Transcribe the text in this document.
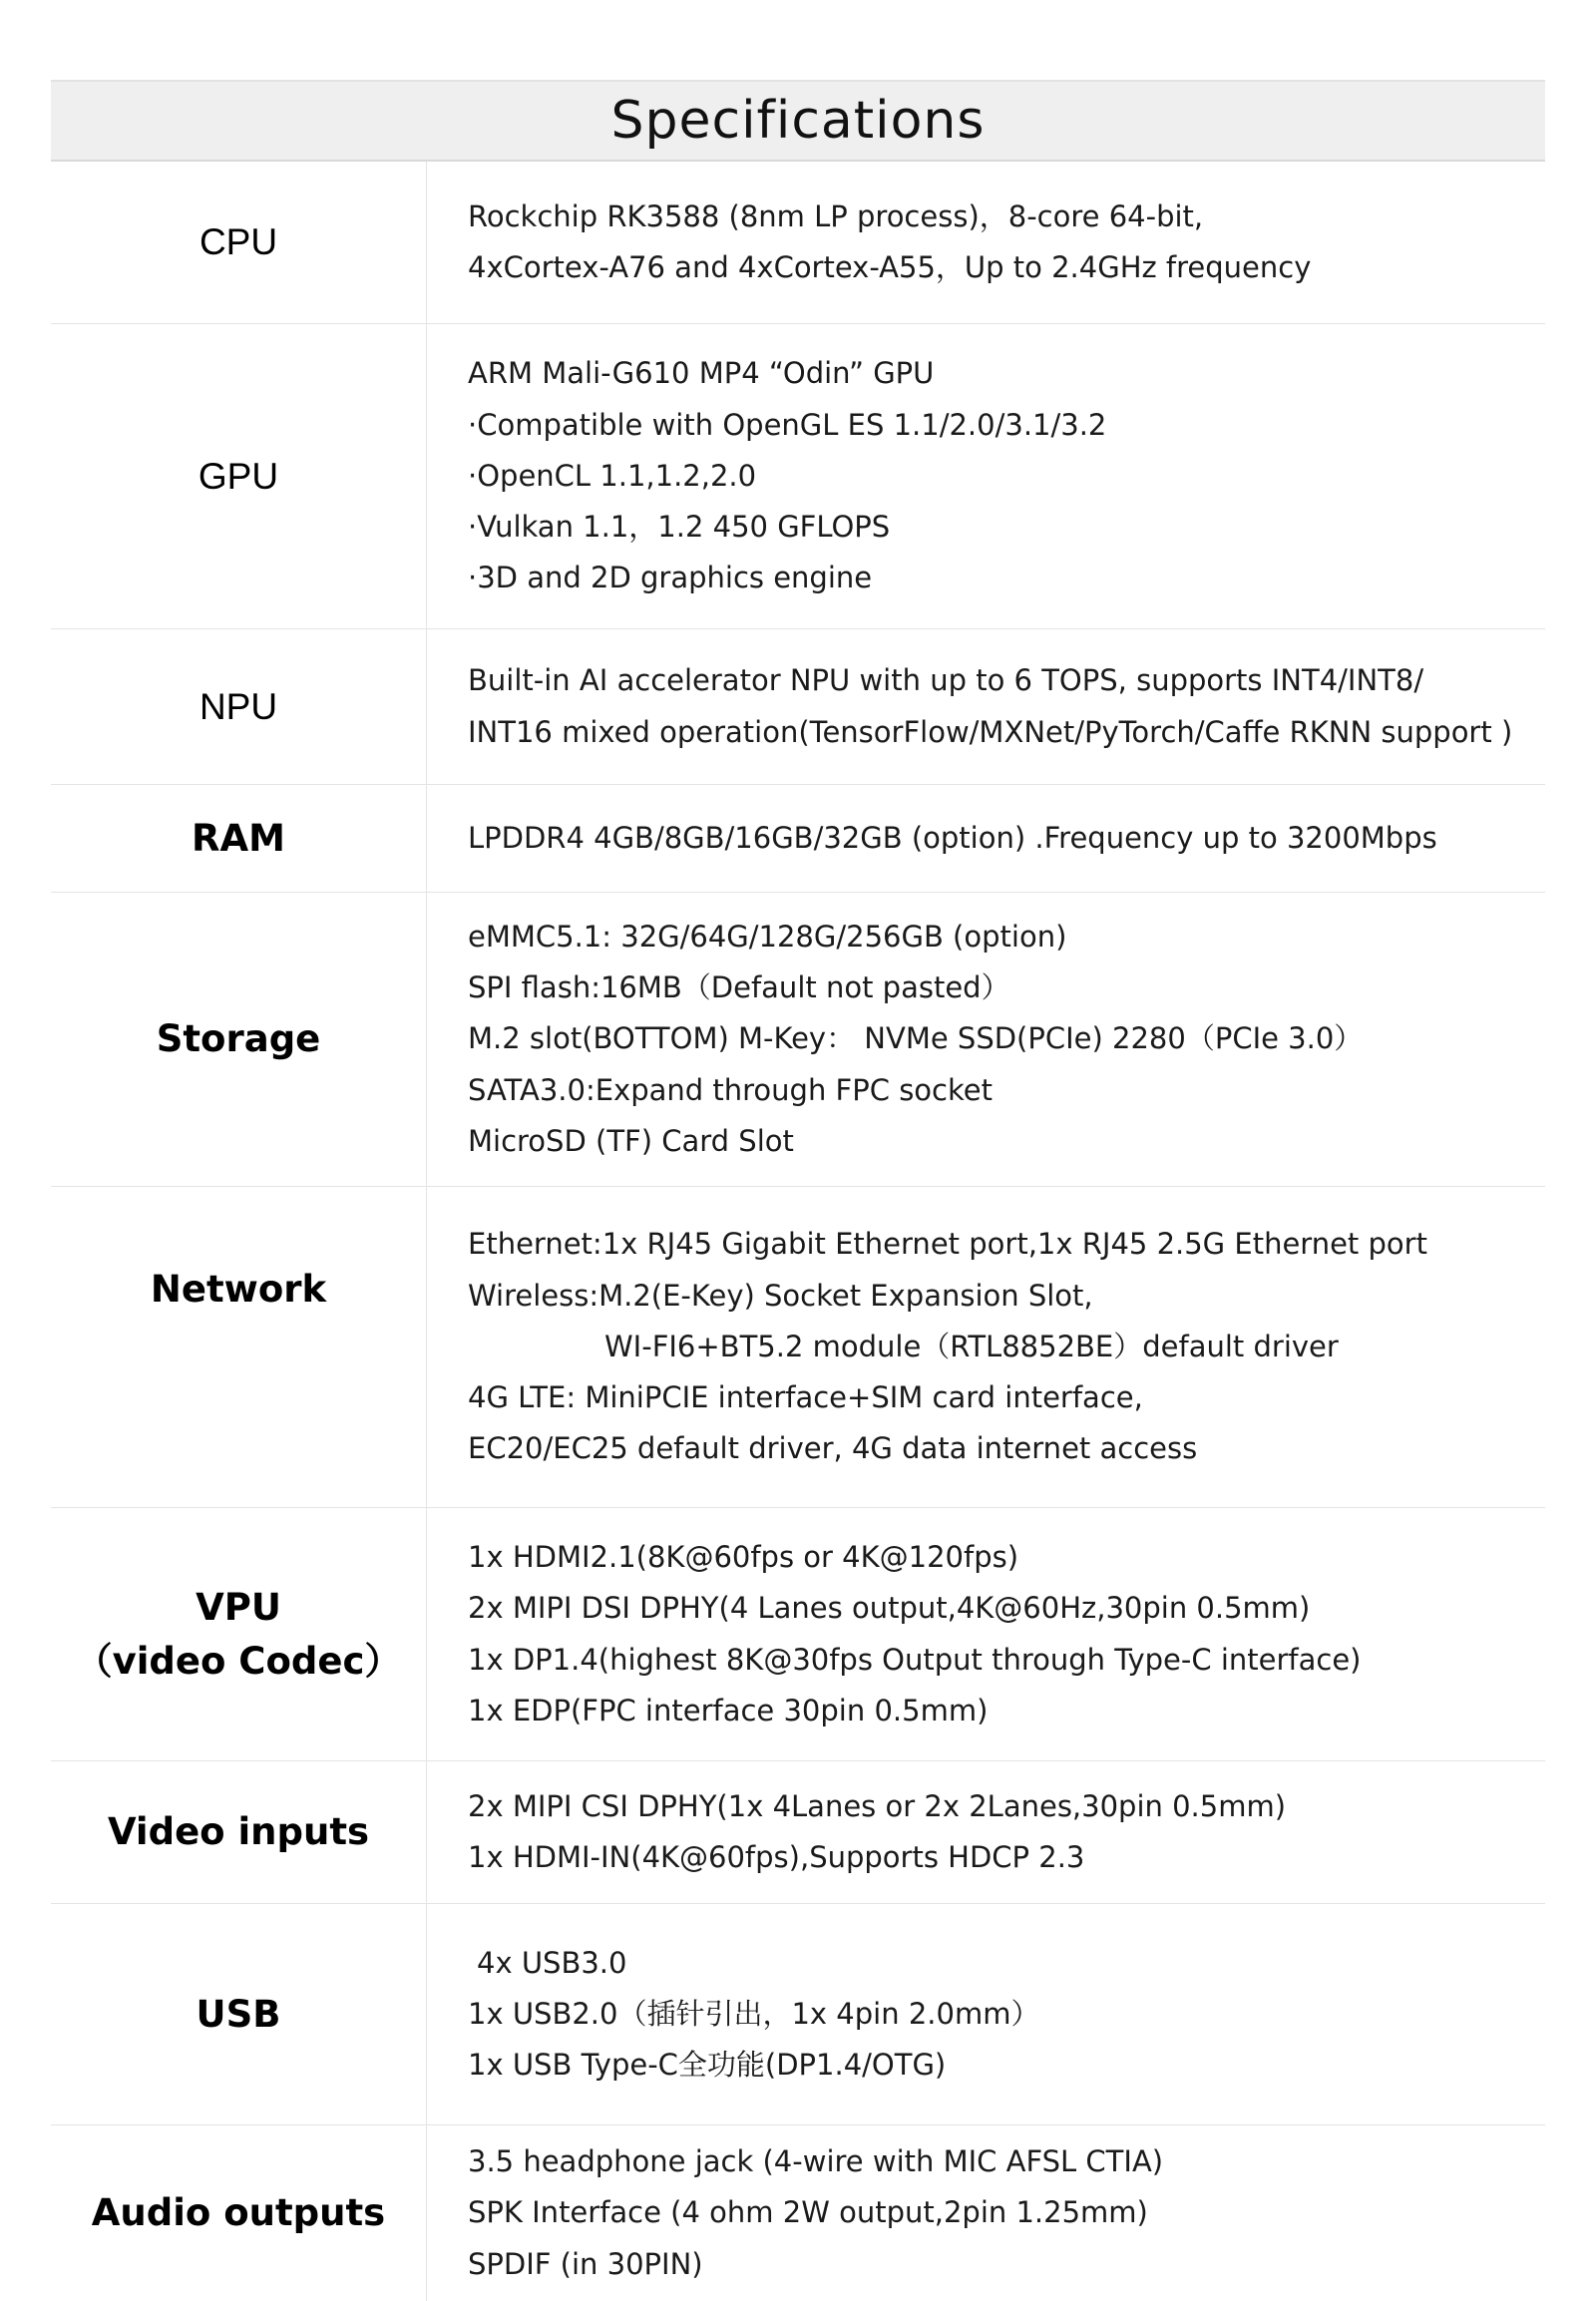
Specifications
CPU
Rockchip RK3588 (8nm LP process)，8-core 64-bit,
4xCortex-A76 and 4xCortex-A55，Up to 2.4GHz frequency
GPU
ARM Mali-G610 MP4 “Odin” GPU
·Compatible with OpenGL ES 1.1/2.0/3.1/3.2
·OpenCL 1.1,1.2,2.0
·Vulkan 1.1，1.2 450 GFLOPS
·3D and 2D graphics engine
NPU
Built-in AI accelerator NPU with up to 6 TOPS, supports INT4/INT8/
INT16 mixed operation(TensorFlow/MXNet/PyTorch/Caffe RKNN support )
RAM	LPDDR4 4GB/8GB/16GB/32GB (option) .Frequency up to 3200Mbps
Storage
eMMC5.1: 32G/64G/128G/256GB (option)
SPI flash:16MB（Default not pasted）
M.2 slot(BOTTOM) M-Key： NVMe SSD(PCIe) 2280（PCIe 3.0）
SATA3.0:Expand through FPC socket
MicroSD (TF) Card Slot
Network
Ethernet:1x RJ45 Gigabit Ethernet port,1x RJ45 2.5G Ethernet port
Wireless:M.2(E-Key) Socket Expansion Slot,
WI-FI6+BT5.2 module（RTL8852BE）default driver
4G LTE: MiniPCIE interface+SIM card interface,
EC20/EC25 default driver, 4G data internet access
VPU
（video Codec）
1x HDMI2.1(8K@60fps or 4K@120fps)
2x MIPI DSI DPHY(4 Lanes output,4K@60Hz,30pin 0.5mm)
1x DP1.4(highest 8K@30fps Output through Type-C interface)
1x EDP(FPC interface 30pin 0.5mm)
Video inputs
2x MIPI CSI DPHY(1x 4Lanes or 2x 2Lanes,30pin 0.5mm)
1x HDMI-IN(4K@60fps),Supports HDCP 2.3
USB
4x USB3.0
1x USB2.0（插针引出，1x 4pin 2.0mm）
1x USB Type-C全功能(DP1.4/OTG)
Audio outputs
3.5 headphone jack (4-wire with MIC AFSL CTIA)
SPK Interface (4 ohm 2W output,2pin 1.25mm)
SPDIF (in 30PIN)
